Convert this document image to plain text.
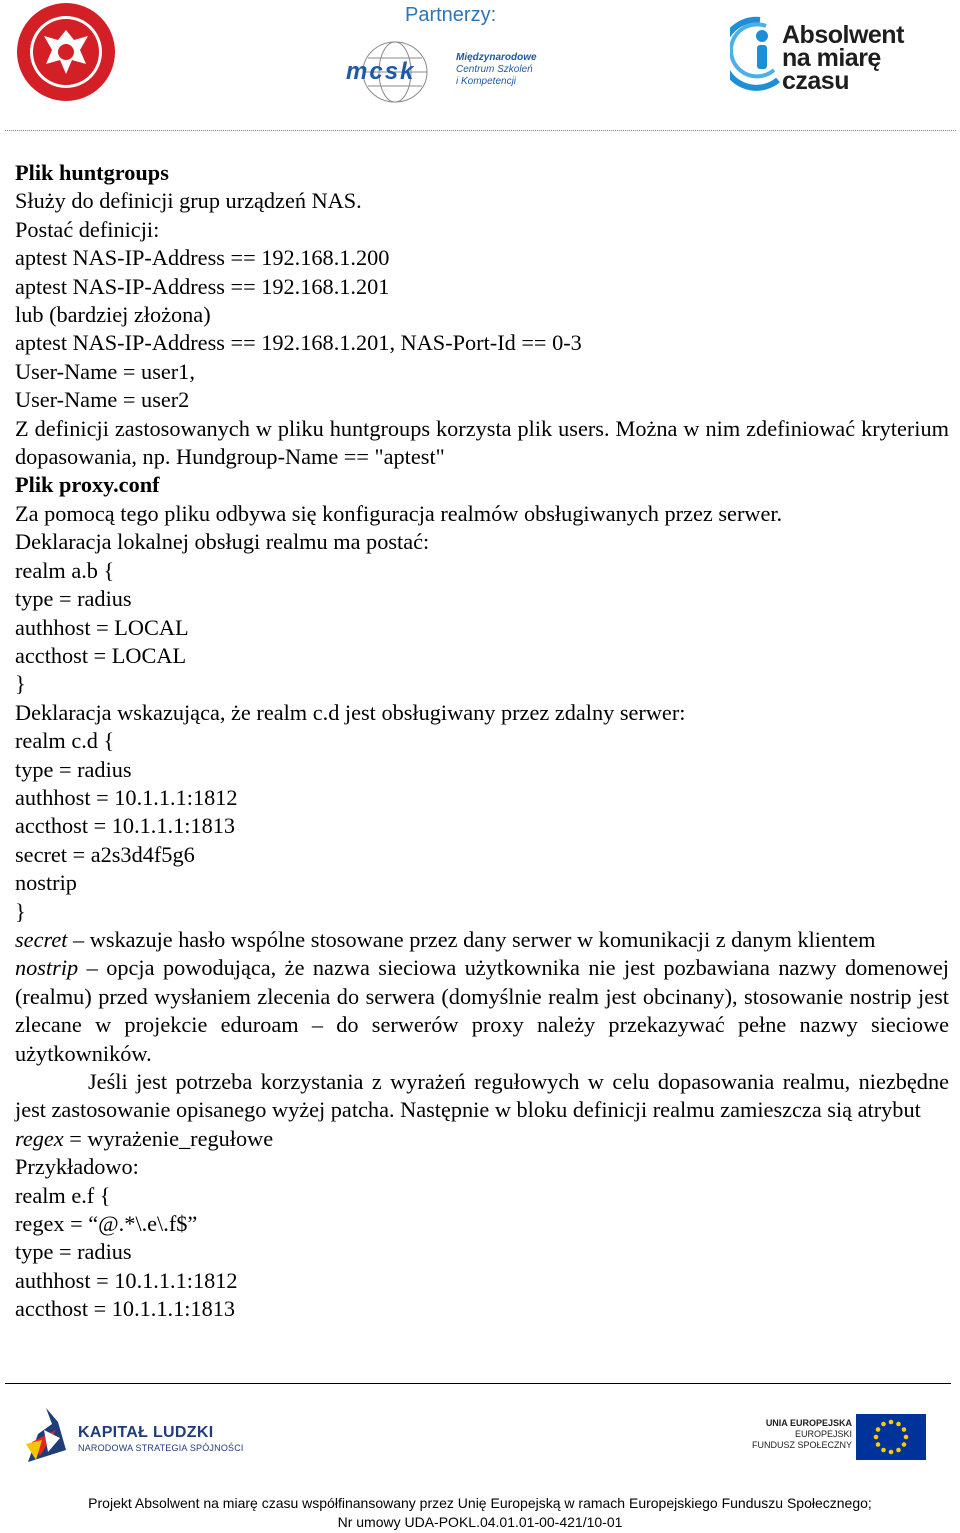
Partnerzy:
mcsk
Międzynarodowe
Centrum Szkoleń
i Kompetencji
Absolwent
na miarę
czasu
Plik huntgroups
Służy do definicji grup urządzeń NAS.
Postać definicji:
aptest NAS-IP-Address == 192.168.1.200
aptest NAS-IP-Address == 192.168.1.201
lub (bardziej złożona)
aptest NAS-IP-Address == 192.168.1.201, NAS-Port-Id == 0-3
User-Name = user1,
User-Name = user2
Z definicji zastosowanych w pliku huntgroups korzysta plik users. Można w nim zdefiniować kryterium dopasowania, np. Hundgroup-Name == "aptest"
Plik proxy.conf
Za pomocą tego pliku odbywa się konfiguracja realmów obsługiwanych przez serwer.
Deklaracja lokalnej obsługi realmu ma postać:
realm a.b {
type = radius
authhost = LOCAL
accthost = LOCAL
}
Deklaracja wskazująca, że realm c.d jest obsługiwany przez zdalny serwer:
realm c.d {
type = radius
authhost = 10.1.1.1:1812
accthost = 10.1.1.1:1813
secret = a2s3d4f5g6
nostrip
}
secret – wskazuje hasło wspólne stosowane przez dany serwer w komunikacji z danym klientem
nostrip – opcja powodująca, że nazwa sieciowa użytkownika nie jest pozbawiana nazwy domenowej (realmu) przed wysłaniem zlecenia do serwera (domyślnie realm jest obcinany), stosowanie nostrip jest zlecane w projekcie eduroam – do serwerów proxy należy przekazywać pełne nazwy sieciowe użytkowników.
Jeśli jest potrzeba korzystania z wyrażeń regułowych w celu dopasowania realmu, niezbędne jest zastosowanie opisanego wyżej patcha. Następnie w bloku definicji realmu zamieszcza sią atrybut
regex = wyrażenie_regułowe
Przykładowo:
realm e.f {
regex = “@.*\.e\.f$”
type = radius
authhost = 10.1.1.1:1812
accthost = 10.1.1.1:1813
KAPITAŁ LUDZKI
NARODOWA STRATEGIA SPÓJNOŚCI
UNIA EUROPEJSKA
EUROPEJSKI
FUNDUSZ SPOŁECZNY
Projekt Absolwent na miarę czasu współfinansowany przez Unię Europejską w ramach Europejskiego Funduszu Społecznego;
Nr umowy UDA-POKL.04.01.01-00-421/10-01
